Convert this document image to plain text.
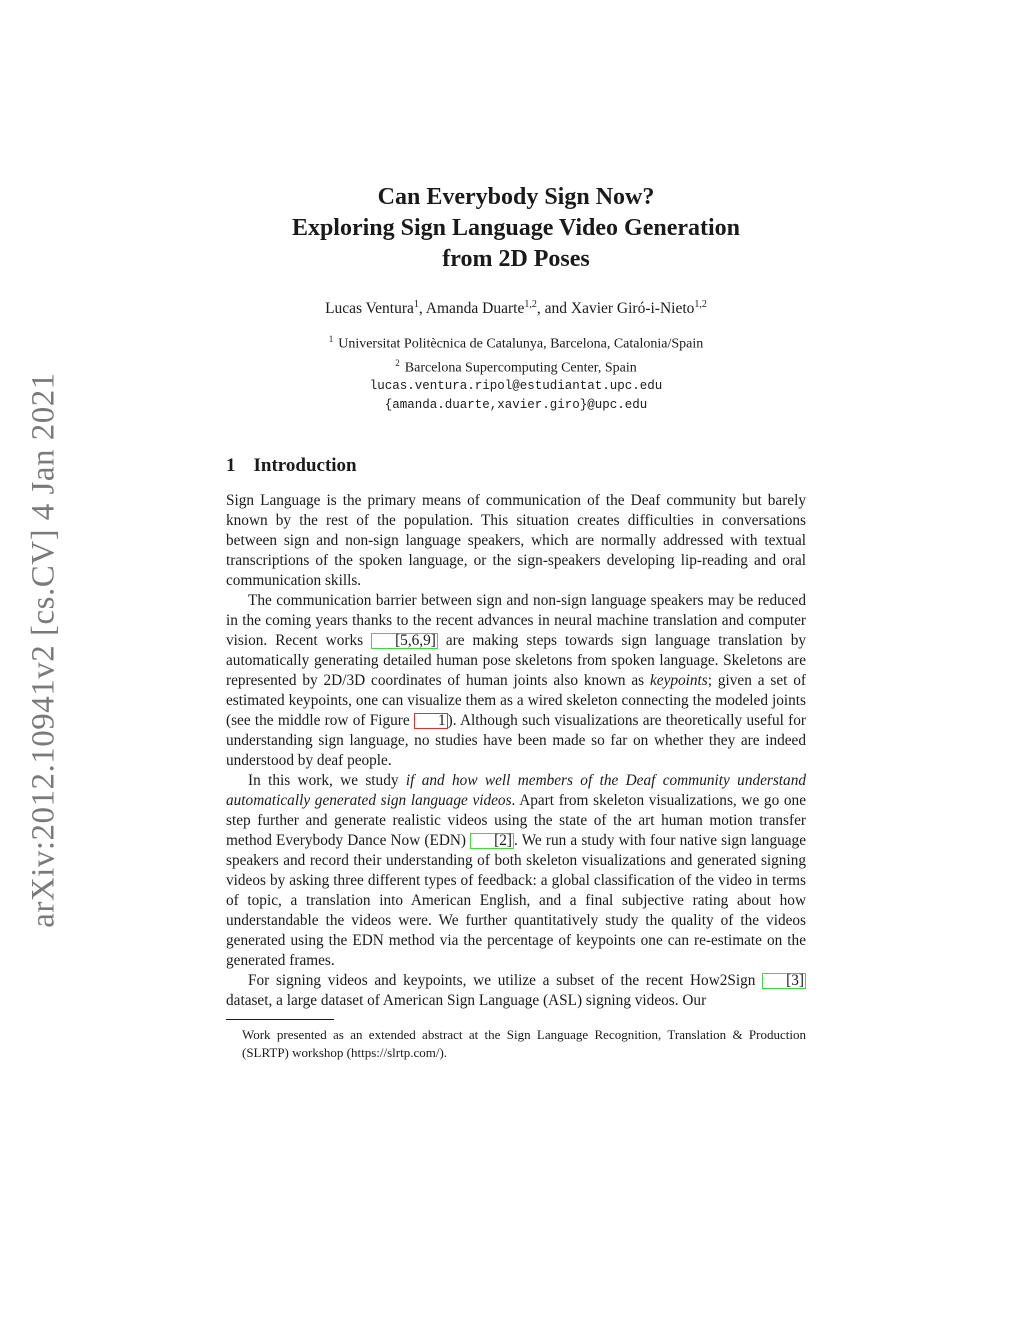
arXiv:2012.10941v2 [cs.CV] 4 Jan 2021
Can Everybody Sign Now?
Exploring Sign Language Video Generation
from 2D Poses
Lucas Ventura$^1$, Amanda Duarte$^{1,2}$, and Xavier Giró-i-Nieto$^{1,2}$
$^1$ Universitat Politècnica de Catalunya, Barcelona, Catalonia/Spain
$^2$ Barcelona Supercomputing Center, Spain
lucas.ventura.ripol@estudiantat.upc.edu
{amanda.duarte,xavier.giro}@upc.edu
1 Introduction

Sign Language is the primary means of communication of the Deaf community but barely known by the rest of the population. This situation creates difficulties in conversations between sign and non-sign language speakers, which are normally addressed with textual transcriptions of the spoken language, or the sign-speakers developing lip-reading and oral communication skills.

The communication barrier between sign and non-sign language speakers may be reduced in the coming years thanks to the recent advances in neural machine translation and computer vision. Recent works [5,6,9] are making steps towards sign language translation by automatically generating detailed human pose skeletons from spoken language. Skeletons are represented by 2D/3D coordinates of human joints also known as keypoints; given a set of estimated keypoints, one can visualize them as a wired skeleton connecting the modeled joints (see the middle row of Figure 1 ). Although such visualizations are theoretically useful for understanding sign language, no studies have been made so far on whether they are indeed understood by deaf people.

In this work, we study if and how well members of the Deaf community understand automatically generated sign language videos. Apart from skeleton visualizations, we go one step further and generate realistic videos using the state of the art human motion transfer method Everybody Dance Now (EDN) [2] . We run a study with four native sign language speakers and record their understanding of both skeleton visualizations and generated signing videos by asking three different types of feedback: a global classification of the video in terms of topic, a translation into American English, and a final subjective rating about how understandable the videos were. We further quantitatively study the quality of the videos generated using the EDN method via the percentage of keypoints one can re-estimate on the generated frames.

For signing videos and keypoints, we utilize a subset of the recent How2Sign [3] dataset, a large dataset of American Sign Language (ASL) signing videos. Our

Work presented as an extended abstract at the Sign Language Recognition, Translation & Production (SLRTP) workshop (https://slrtp.com/).
